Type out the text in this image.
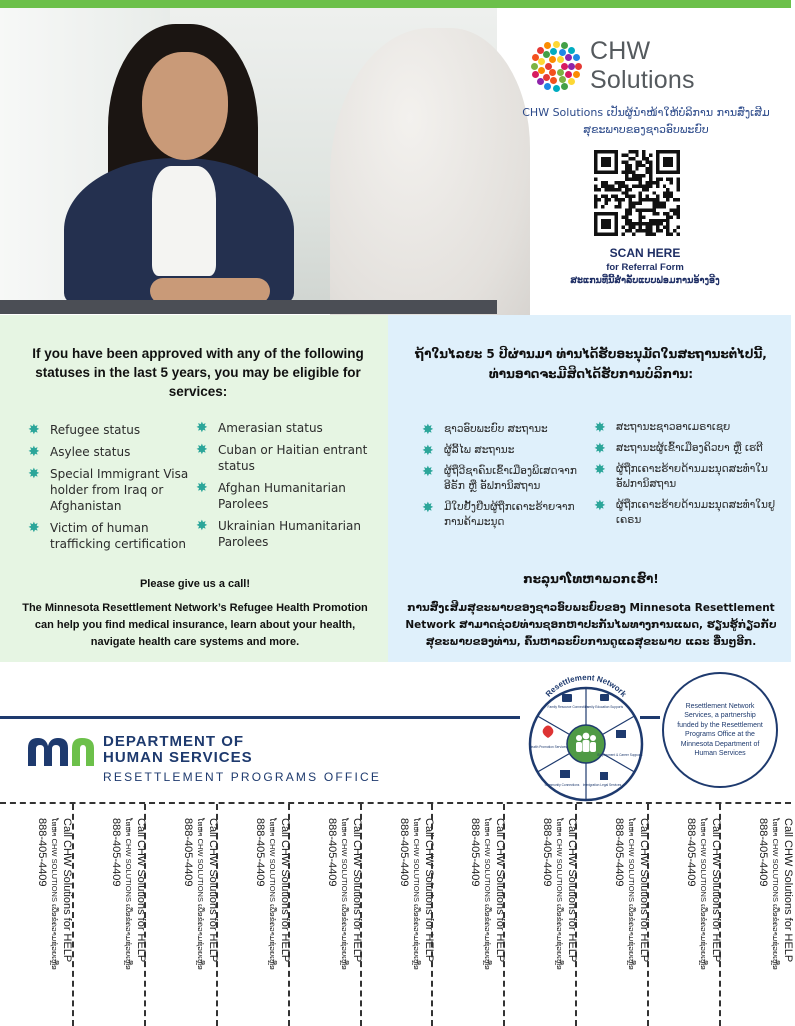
CHW Solutions
CHW Solutions ເປັນຜູ້ນຳໜ້າໃຫ້ບໍລິການ ການສົ່ງເສີມສຸຂະພາບຂອງຊາວອົບພະຍົບ
SCAN HERE
for Referral Form
ສະແກນທີ່ນີ້ສຳລັບແບບຟອມການອ້າງອີງ
If you have been approved with any of the following statuses in the last 5 years, you may be eligible for services:
✸ Refugee status
✸ Asylee status
✸ Special Immigrant Visa holder from Iraq or Afghanistan
✸ Victim of human trafficking certification
✸ Amerasian status
✸ Cuban or Haitian entrant status
✸ Afghan Humanitarian Parolees
✸ Ukrainian Humanitarian Parolees
Please give us a call!
The Minnesota Resettlement Network’s Refugee Health Promotion can help you find medical insurance, learn about your health, navigate health care systems and more.
ຖ້າໃນໄລຍະ 5 ປີຜ່ານມາ ທ່ານໄດ້ຮັບອະນຸມັດໃນສະຖານະຕໍ່ໄປນີ້, ທ່ານອາດຈະມີສິດໄດ້ຮັບການບໍລິການ:
✸ ຊາວອົບພະຍົບ ສະຖານະ
✸ ຜູ້ລີ້ໄພ ສະຖານະ
✸ ຜູ້ຖືວີຊາຄົນເຂົ້າເມືອງພິເສດຈາກອີຣັກ ຫຼື ອັຟການິສຖານ
✸ ມີໃບຢັ້ງຢືນຜູ້ຖືກເຄາະຮ້າຍຈາກການຄ້າມະນຸດ
✸ ສະຖານະຊາວອາເມຣາເຊຍ
✸ ສະຖານະຜູ້ເຂົ້າເມືອງຄິວບາ ຫຼື ເຮຕີ
✸ ຜູ້ຖືກເຄາະຮ້າຍດ້ານມະນຸດສະທຳໃນອັຟການິສຖານ
✸ ຜູ້ຖືກເຄາະຮ້າຍດ້ານມະນຸດສະທຳໃນຢູເຄຣນ
ກະລຸນາໂທຫາພວກເຮົາ!
ການສົ່ງເສີມສຸຂະພາບຂອງຊາວອົບພະຍົບຂອງ Minnesota Resettlement Network ສາມາດຊ່ວຍທ່ານຊອກຫາປະກັນໄພທາງການແພດ, ຮຽນຮູ້ກ່ຽວກັບສຸຂະພາບຂອງທ່ານ, ຄົ້ນຫາລະບົບການດູແລສຸຂະພາບ ແລະ ອື່ນໆອີກ.
DEPARTMENT OF
HUMAN SERVICES
RESETTLEMENT PROGRAMS OFFICE
Resettlement Network
Family Education Supports
Employment & Career Supports
Immigration Legal Services
Community Connections
Health Promotion Services
Family Resource Connection	Resettlement Network Services, a partnership funded by the Resettlement Programs Office at the Minnesota Department of Human Services
Call CHW Solutions for HELP
ໂທຫາ CHW SOLUTIONS ເພື່ອຂໍຄວາມຊ່ວຍເຫຼືອ
888-405-4409	Call CHW Solutions for HELP
ໂທຫາ CHW SOLUTIONS ເພື່ອຂໍຄວາມຊ່ວຍເຫຼືອ
888-405-4409	Call CHW Solutions for HELP
ໂທຫາ CHW SOLUTIONS ເພື່ອຂໍຄວາມຊ່ວຍເຫຼືອ
888-405-4409	Call CHW Solutions for HELP
ໂທຫາ CHW SOLUTIONS ເພື່ອຂໍຄວາມຊ່ວຍເຫຼືອ
888-405-4409	Call CHW Solutions for HELP
ໂທຫາ CHW SOLUTIONS ເພື່ອຂໍຄວາມຊ່ວຍເຫຼືອ
888-405-4409	Call CHW Solutions for HELP
ໂທຫາ CHW SOLUTIONS ເພື່ອຂໍຄວາມຊ່ວຍເຫຼືອ
888-405-4409	Call CHW Solutions for HELP
ໂທຫາ CHW SOLUTIONS ເພື່ອຂໍຄວາມຊ່ວຍເຫຼືອ
888-405-4409	Call CHW Solutions for HELP
ໂທຫາ CHW SOLUTIONS ເພື່ອຂໍຄວາມຊ່ວຍເຫຼືອ
888-405-4409	Call CHW Solutions for HELP
ໂທຫາ CHW SOLUTIONS ເພື່ອຂໍຄວາມຊ່ວຍເຫຼືອ
888-405-4409	Call CHW Solutions for HELP
ໂທຫາ CHW SOLUTIONS ເພື່ອຂໍຄວາມຊ່ວຍເຫຼືອ
888-405-4409	Call CHW Solutions for HELP
ໂທຫາ CHW SOLUTIONS ເພື່ອຂໍຄວາມຊ່ວຍເຫຼືອ
888-405-4409
